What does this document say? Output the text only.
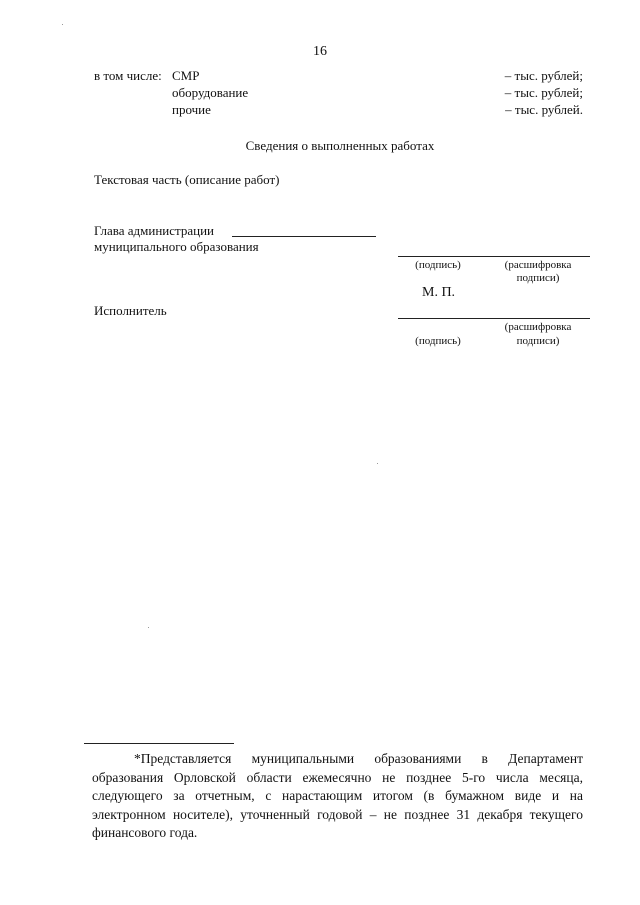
16
в том числе: СМР	– тыс. рублей;
оборудование	– тыс. рублей;
прочие	– тыс. рублей.
Сведения о выполненных работах
Текстовая часть (описание работ)
Глава администрации
муниципального образования
(подпись)	(расшифровка
подписи)
М. П.
Исполнитель
(расшифровка
(подпись)	подписи)
*Представляется муниципальными образованиями в Департамент образования Орловской области ежемесячно не позднее 5-го числа месяца, следующего за отчетным, с нарастающим итогом (в бумажном виде и на электронном носителе), уточненный годовой – не позднее 31 декабря текущего финансового года.
